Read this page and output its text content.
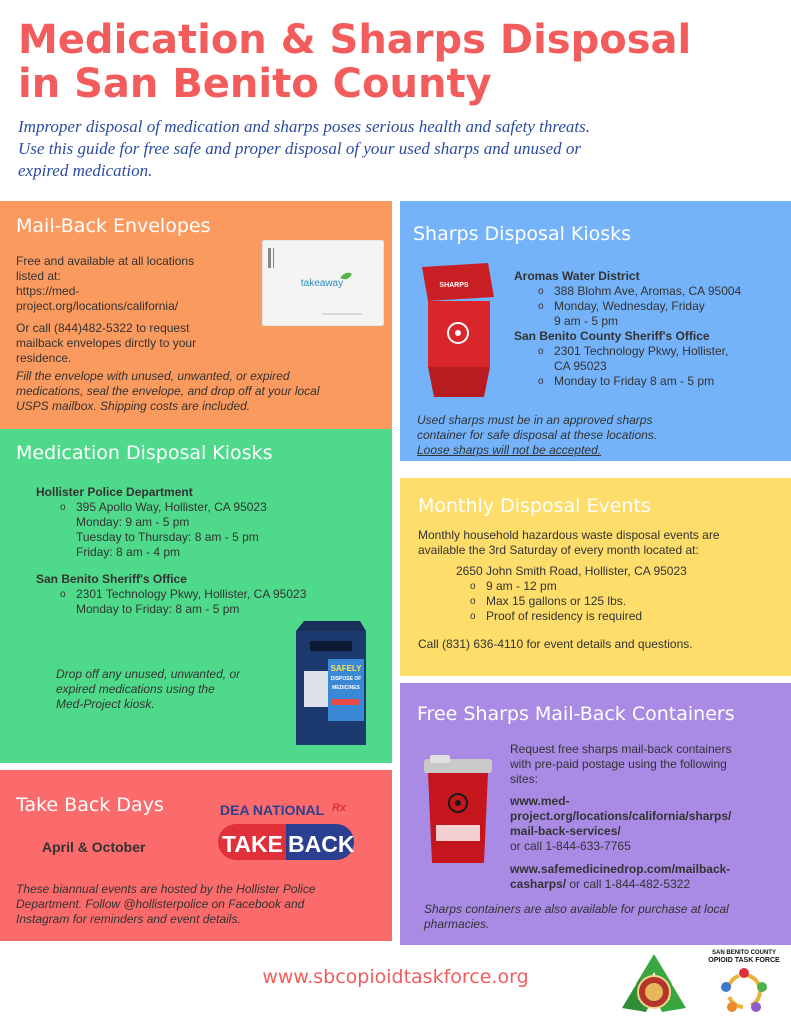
Medication & Sharps Disposal
in San Benito County
Improper disposal of medication and sharps poses serious health and safety threats.
Use this guide for free safe and proper disposal of your used sharps and unused or
expired medication.
Mail-Back Envelopes
Free and available at all locations
listed at:
https://med-
project.org/locations/california/
Or call (844)482-5322 to request
mailback envelopes dirctly to your
residence.
Fill the envelope with unused, unwanted, or expired
medications, seal the envelope, and drop off at your local
USPS mailbox. Shipping costs are included.
takeaway
Medication Disposal Kiosks
Hollister Police Department
o 395 Apollo Way, Hollister, CA 95023
Monday: 9 am - 5 pm
Tuesday to Thursday: 8 am - 5 pm
Friday: 8 am - 4 pm
San Benito Sheriff's Office
o 2301 Technology Pkwy, Hollister, CA 95023
Monday to Friday: 8 am - 5 pm
Drop off any unused, unwanted, or
expired medications using the
Med-Project kiosk.
SAFELY
DISPOSE OF
MEDICINES
Take Back Days
April & October
DEA NATIONAL Rx
TAKE BACK
These biannual events are hosted by the Hollister Police
Department. Follow @hollisterpolice on Facebook and
Instagram for reminders and event details.
Sharps Disposal Kiosks
SHARPS
Aromas Water District
o 388 Blohm Ave, Aromas, CA 95004
o Monday, Wednesday, Friday
9 am - 5 pm
San Benito County Sheriff's Office
o 2301 Technology Pkwy, Hollister,
CA 95023
o Monday to Friday 8 am - 5 pm
Used sharps must be in an approved sharps
container for safe disposal at these locations.
Loose sharps will not be accepted.
Monthly Disposal Events
Monthly household hazardous waste disposal events are
available the 3rd Saturday of every month located at:
2650 John Smith Road, Hollister, CA 95023
o 9 am - 12 pm
o Max 15 gallons or 125 lbs.
o Proof of residency is required
Call (831) 636-4110 for event details and questions.
Free Sharps Mail-Back Containers
Request free sharps mail-back containers
with pre-paid postage using the following
sites:
www.med-
project.org/locations/california/sharps/
mail-back-services/
or call 1-844-633-7765
www.safemedicinedrop.com/mailback-
casharps/ or call 1-844-482-5322
Sharps containers are also available for purchase at local
pharmacies.
www.sbcopioidtaskforce.org
SAN BENITO COUNTY
OPIOID TASK FORCE
